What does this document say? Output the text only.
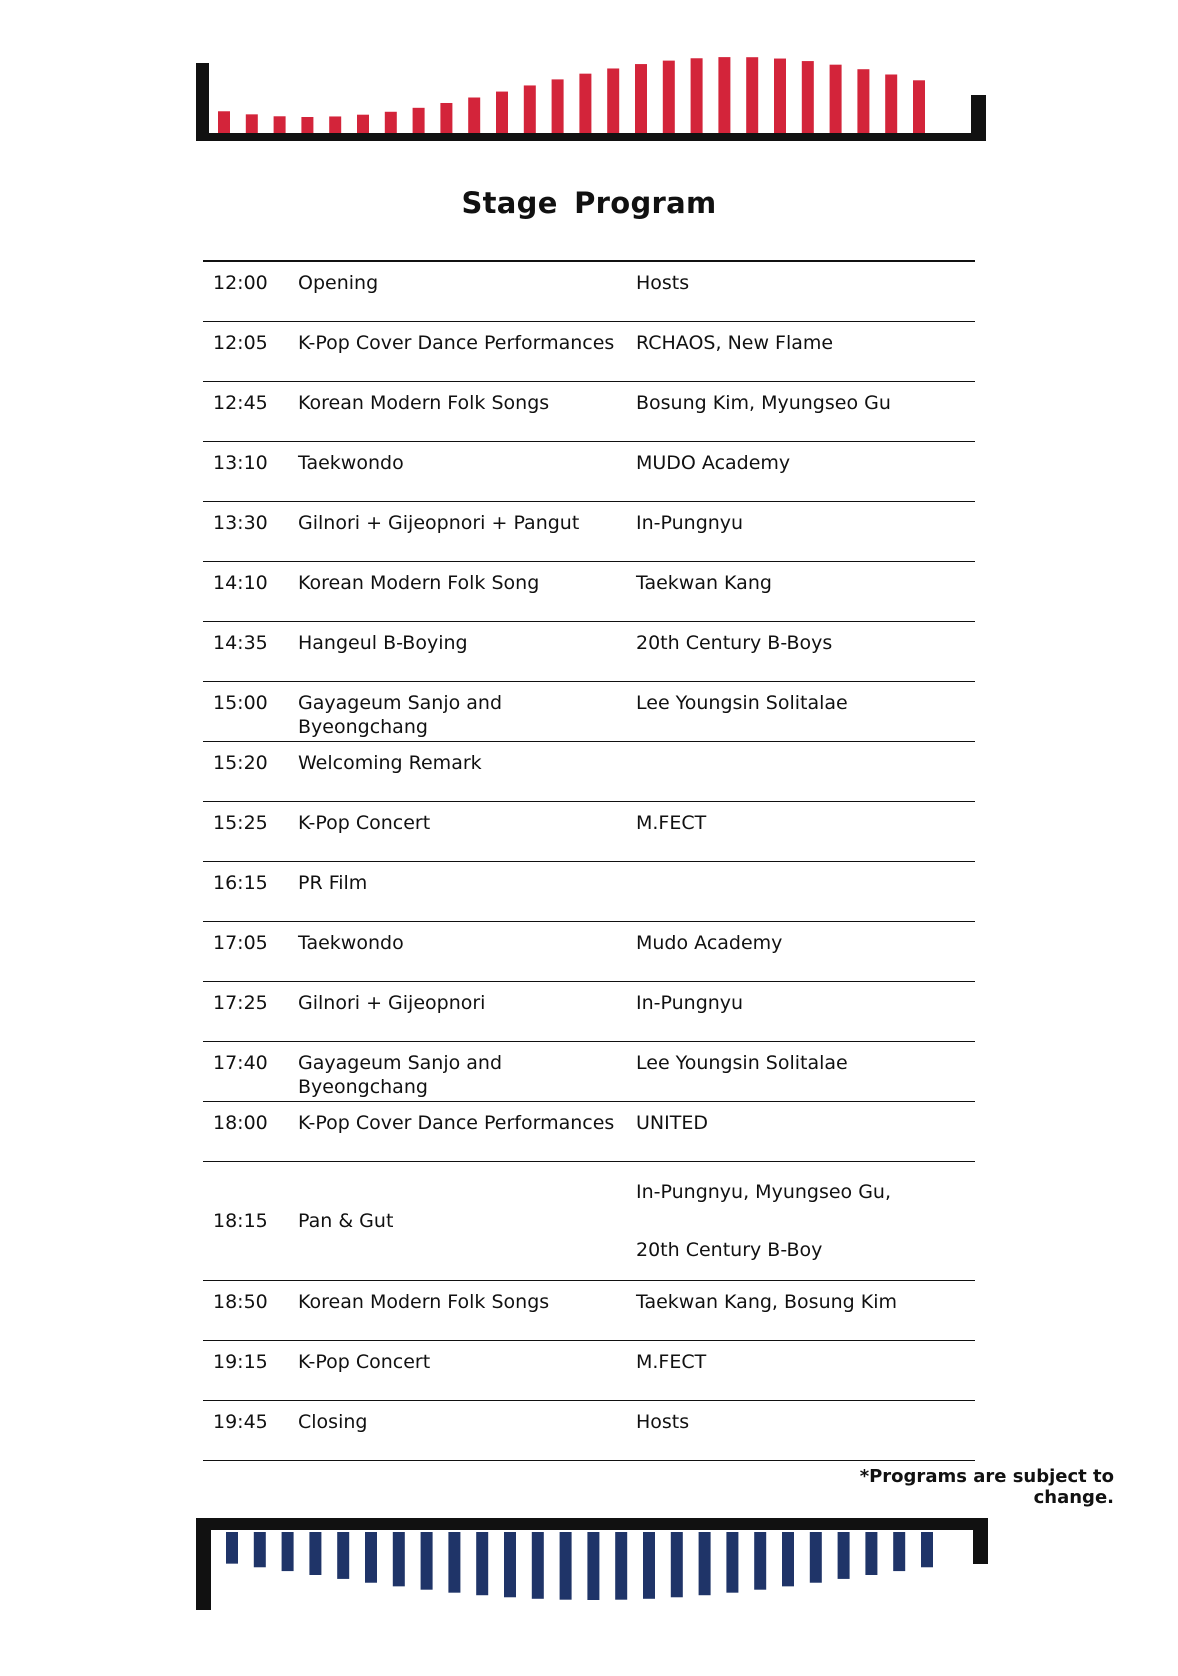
Stage Program
12:00	Opening	Hosts

12:05	K-Pop Cover Dance Performances	RCHAOS, New Flame

12:45	Korean Modern Folk Songs	Bosung Kim, Myungseo Gu

13:10	Taekwondo	MUDO Academy

13:30	Gilnori + Gijeopnori + Pangut	In-Pungnyu

14:10	Korean Modern Folk Song	Taekwan Kang

14:35	Hangeul B-Boying	20th Century B-Boys

15:00	Gayageum Sanjo and Byeongchang	Lee Youngsin Solitalae

15:20	Welcoming Remark	

15:25	K-Pop Concert	M.FECT

16:15	PR Film	

17:05	Taekwondo	Mudo Academy

17:25	Gilnori + Gijeopnori	In-Pungnyu

17:40	Gayageum Sanjo and Byeongchang	Lee Youngsin Solitalae

18:00	K-Pop Cover Dance Performances	UNITED

18:15	Pan & Gut	In-Pungnyu, Myungseo Gu,
20th Century B-Boy

18:50	Korean Modern Folk Songs	Taekwan Kang, Bosung Kim

19:15	K-Pop Concert	M.FECT

19:45	Closing	Hosts
*Programs are subject to change.
